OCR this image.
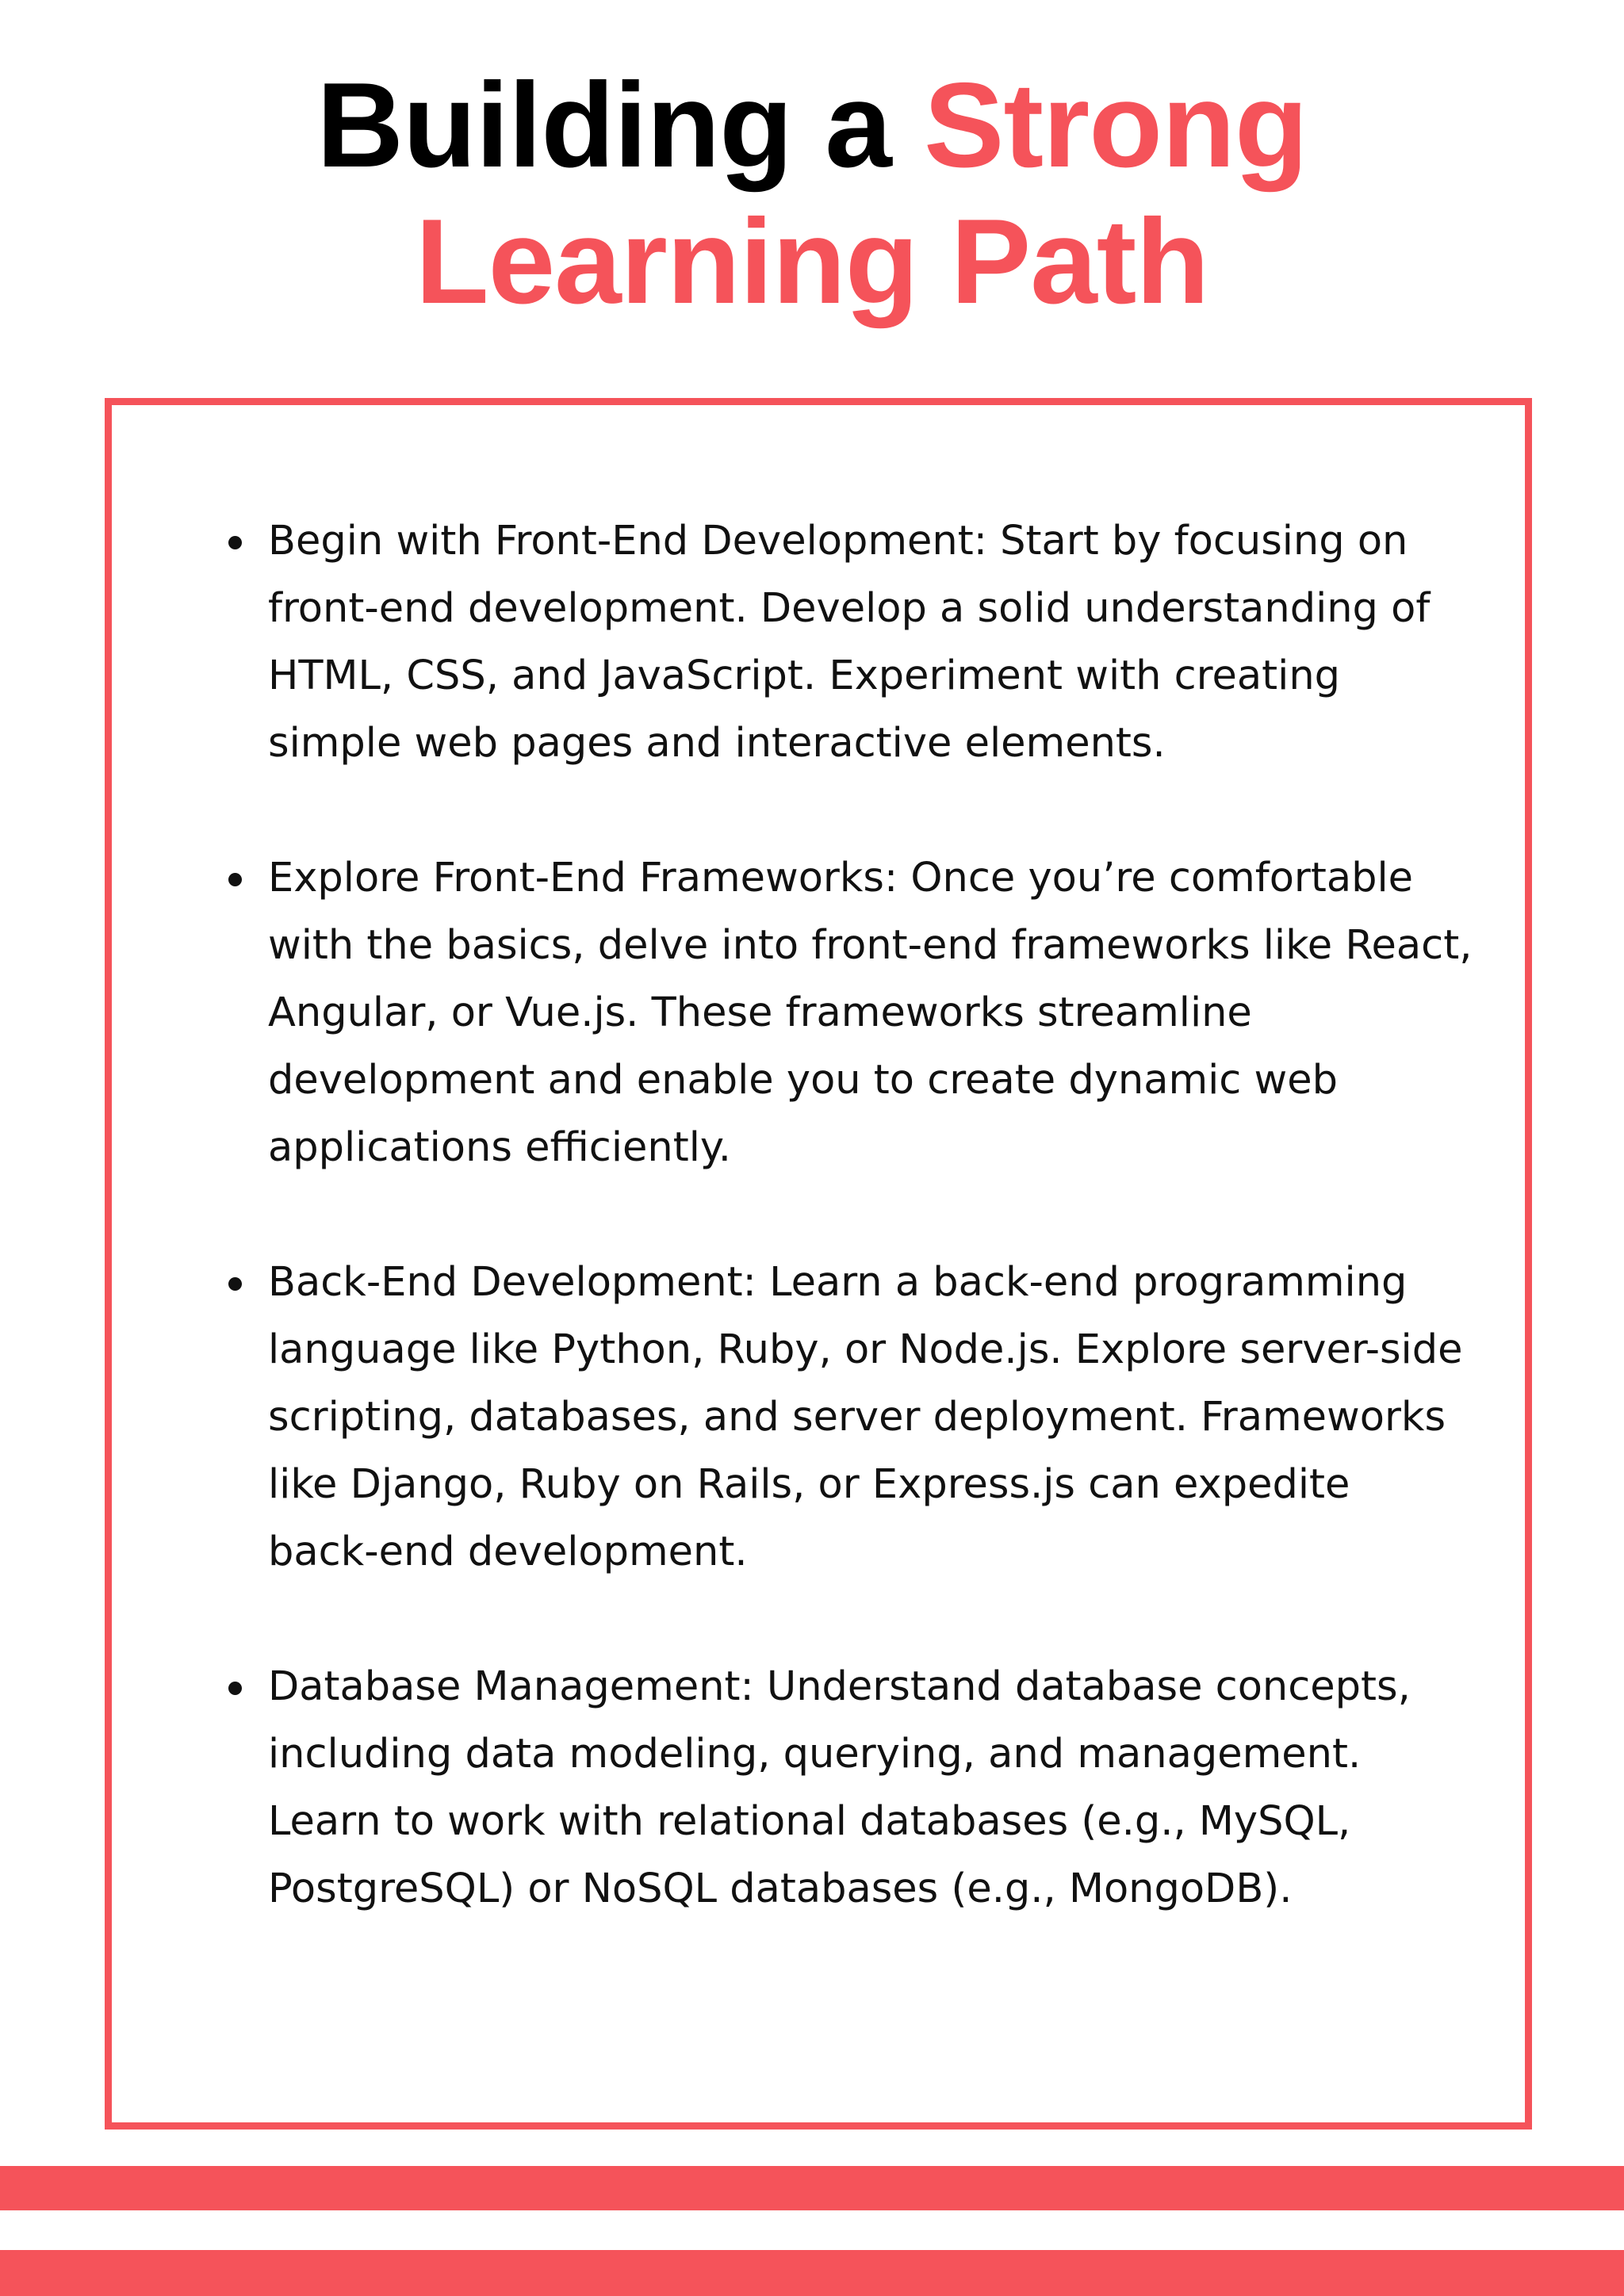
Building a Strong
Learning Path
Begin with Front-End Development: Start by focusing on front-end development. Develop a solid understanding of HTML, CSS, and JavaScript. Experiment with creating simple web pages and interactive elements.
Explore Front-End Frameworks: Once you’re comfortable with the basics, delve into front-end frameworks like React, Angular, or Vue.js. These frameworks streamline development and enable you to create dynamic web applications efficiently.
Back-End Development: Learn a back-end programming language like Python, Ruby, or Node.js. Explore server-side scripting, databases, and server deployment. Frameworks like Django, Ruby on Rails, or Express.js can expedite back-end development.
Database Management: Understand database concepts, including data modeling, querying, and management. Learn to work with relational databases (e.g., MySQL, PostgreSQL) or NoSQL databases (e.g., MongoDB).
